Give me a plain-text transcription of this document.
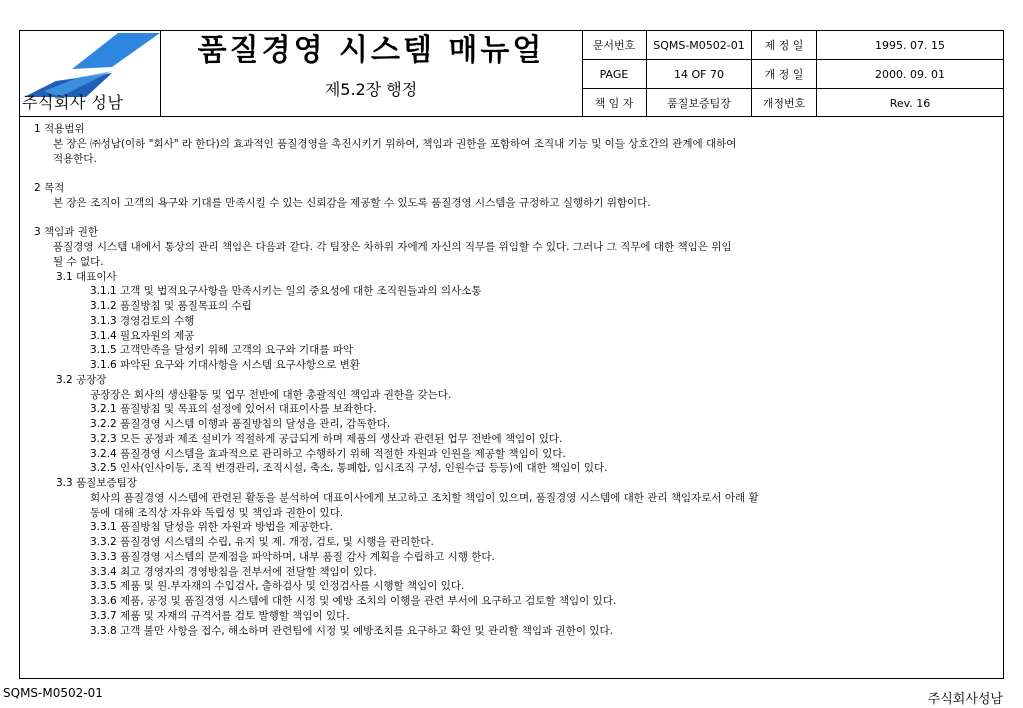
주식회사 성남
품질경영 시스템 매뉴얼
제5.2장 행정
문서번호	SQMS-M0502-01	제 정 일	1995. 07. 15
PAGE	14 OF 70	개 정 일	2000. 09. 01
책 임 자	품질보증팀장	개정번호	Rev. 16
1 적용범위
본 장은 ㈜성남(이하 "회사" 라 한다)의 효과적인 품질경영을 촉진시키기 위하여, 책임과 권한을 포함하여 조직내 기능 및 이들 상호간의 관계에 대하여
적용한다.
2 목적
본 장은 조직이 고객의 욕구와 기대를 만족시킬 수 있는 신뢰감을 제공할 수 있도록 품질경영 시스템을 규정하고 실행하기 위함이다.
3 책임과 권한
품질경영 시스템 내에서 통상의 관리 책임은 다음과 같다. 각 팀장은 차하위 자에게 자신의 직무를 위임할 수 있다. 그러나 그 직무에 대한 책임은 위임
될 수 없다.
3.1 대표이사
3.1.1 고객 및 법적요구사항을 만족시키는 일의 중요성에 대한 조직원들과의 의사소통
3.1.2 품질방침 및 품질목표의 수립
3.1.3 경영검토의 수행
3.1.4 필요자원의 제공
3.1.5 고객만족을 달성키 위해 고객의 요구와 기대를 파악
3.1.6 파악된 요구와 기대사항을 시스템 요구사항으로 변환
3.2 공장장
공장장은 회사의 생산활동 및 업무 전반에 대한 총괄적인 책임과 권한을 갖는다.
3.2.1 품질방침 및 목표의 설정에 있어서 대표이사를 보좌한다.
3.2.2 품질경영 시스템 이행과 품질방침의 달성을 관리, 감독한다.
3.2.3 모든 공정과 제조 설비가 적절하게 공급되게 하며 제품의 생산과 관련된 업무 전반에 책임이 있다.
3.2.4 품질경영 시스템을 효과적으로 관리하고 수행하기 위해 적절한 자원과 인원을 제공할 책임이 있다.
3.2.5 인사(인사이동, 조직 변경관리, 조직시설, 축소, 통폐합, 임시조직 구성, 인원수급 등등)에 대한 책임이 있다.
3.3 품질보증팀장
회사의 품질경영 시스템에 관련된 활동을 분석하여 대표이사에게 보고하고 조치할 책임이 있으며, 품질경영 시스템에 대한 관리 책임자로서 아래 활
동에 대해 조직상 자유와 독립성 및 책임과 권한이 있다.
3.3.1 품질방침 달성을 위한 자원과 방법을 제공한다.
3.3.2 품질경영 시스템의 수립, 유지 및 제. 개정, 검토, 및 시행을 관리한다.
3.3.3 품질경영 시스템의 문제점을 파악하며, 내부 품질 감사 계획을 수립하고 시행 한다.
3.3.4 최고 경영자의 경영방침을 전부서에 전달할 책임이 있다.
3.3.5 제품 및 원.부자재의 수입검사, 출하검사 및 인정검사를 시행할 책임이 있다.
3.3.6 제품, 공정 및 품질경영 시스템에 대한 시정 및 예방 조치의 이행을 관련 부서에 요구하고 검토할 책임이 있다.
3.3.7 제품 및 자재의 규격서를 검토 발행할 책임이 있다.
3.3.8 고객 불만 사항을 접수, 해소하며 관련팀에 시정 및 예방조치를 요구하고 확인 및 관리할 책임과 권한이 있다.
SQMS-M0502-01	주식회사성남
